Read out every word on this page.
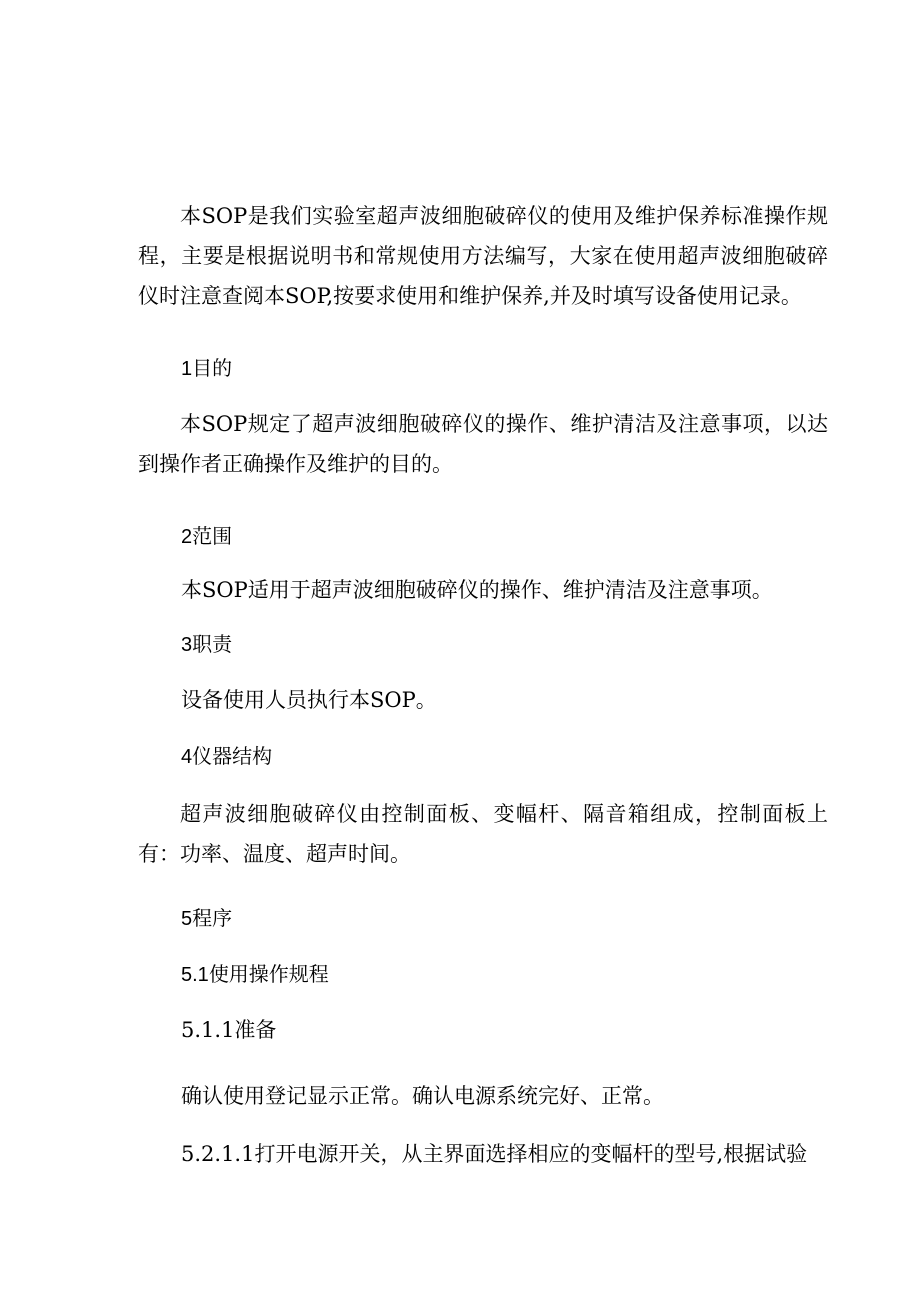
本SOP是我们实验室超声波细胞破碎仪的使用及维护保养标准操作规程，主要是根据说明书和常规使用方法编写，大家在使用超声波细胞破碎仪时注意查阅本SOP,按要求使用和维护保养,并及时填写设备使用记录。

1目的

本SOP规定了超声波细胞破碎仪的操作、维护清洁及注意事项，以达到操作者正确操作及维护的目的。

2范围

本SOP适用于超声波细胞破碎仪的操作、维护清洁及注意事项。

3职责

设备使用人员执行本SOP。

4仪器结构

超声波细胞破碎仪由控制面板、变幅杆、隔音箱组成，控制面板上有：功率、温度、超声时间。

5程序

5.1使用操作规程

5.1.1准备

确认使用登记显示正常。确认电源系统完好、正常。

5.2.1.1打开电源开关，从主界面选择相应的变幅杆的型号,根据试验
